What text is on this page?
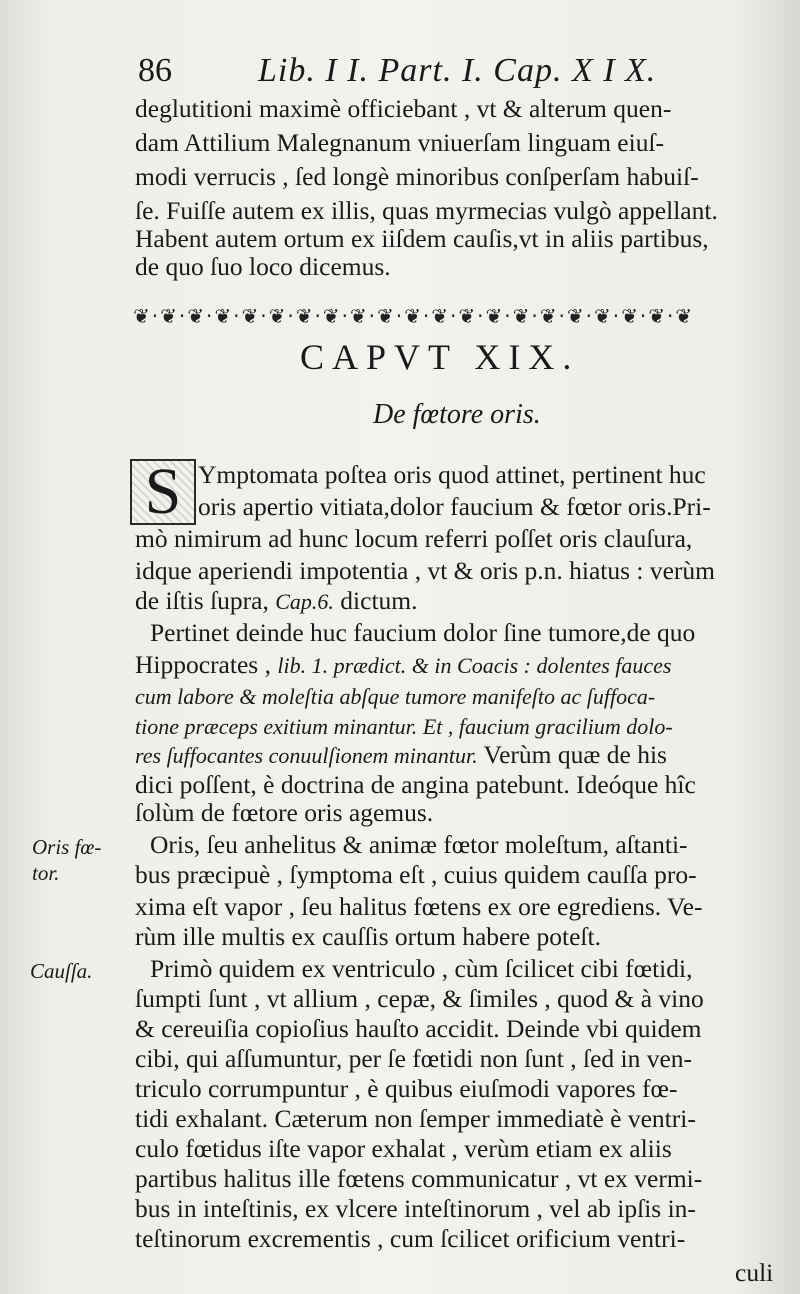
86	Lib. I I. Part. I. Cap. X I X.
deglutitioni maximè officiebant , vt & alterum quen-
dam Attilium Malegnanum vniuerſam linguam eiuſ-
modi verrucis , ſed longè minoribus conſperſam habuiſ-
ſe. Fuiſſe autem ex illis, quas myrmecias vulgò appellant.
Habent autem ortum ex iiſdem cauſis,vt in aliis partibus,
de quo ſuo loco dicemus.
❦·❦·❦·❦·❦·❦·❦·❦·❦·❦·❦·❦·❦·❦·❦·❦·❦·❦·❦·❦·❦
CAPVT XIX.
De fœtore oris.
S Ymptomata poſtea oris quod attinet, pertinent huc
oris apertio vitiata,dolor faucium & fœtor oris.Pri-
mò nimirum ad hunc locum referri poſſet oris clauſura,
idque aperiendi impotentia , vt & oris p.n. hiatus : verùm
de iſtis ſupra, Cap.6. dictum.
Pertinet deinde huc faucium dolor ſine tumore,de quo
Hippocrates , lib. 1. prædict. & in Coacis : dolentes fauces
cum labore & moleſtia abſque tumore manifeſto ac ſuffoca-
tione præceps exitium minantur. Et , faucium gracilium dolo-
res ſuffocantes conuulſionem minantur. Verùm quæ de his
dici poſſent, è doctrina de angina patebunt. Ideóque hîc
ſolùm de fœtore oris agemus.
Oris, ſeu anhelitus & animæ fœtor moleſtum, aſtanti-
bus præcipuè , ſymptoma eſt , cuius quidem cauſſa pro-
xima eſt vapor , ſeu halitus fœtens ex ore egrediens. Ve-
rùm ille multis ex cauſſis ortum habere poteſt.
Primò quidem ex ventriculo , cùm ſcilicet cibi fœtidi,
ſumpti ſunt , vt allium , cepæ, & ſimiles , quod & à vino
& cereuiſia copioſius hauſto accidit. Deinde vbi quidem
cibi, qui aſſumuntur, per ſe fœtidi non ſunt , ſed in ven-
triculo corrumpuntur , è quibus eiuſmodi vapores fœ-
tidi exhalant. Cæterum non ſemper immediatè è ventri-
culo fœtidus iſte vapor exhalat , verùm etiam ex aliis
partibus halitus ille fœtens communicatur , vt ex vermi-
bus in inteſtinis, ex vlcere inteſtinorum , vel ab ipſis in-
teſtinorum excrementis , cum ſcilicet orificium ventri-
culi
Oris fœ-
tor.
Cauſſa.
